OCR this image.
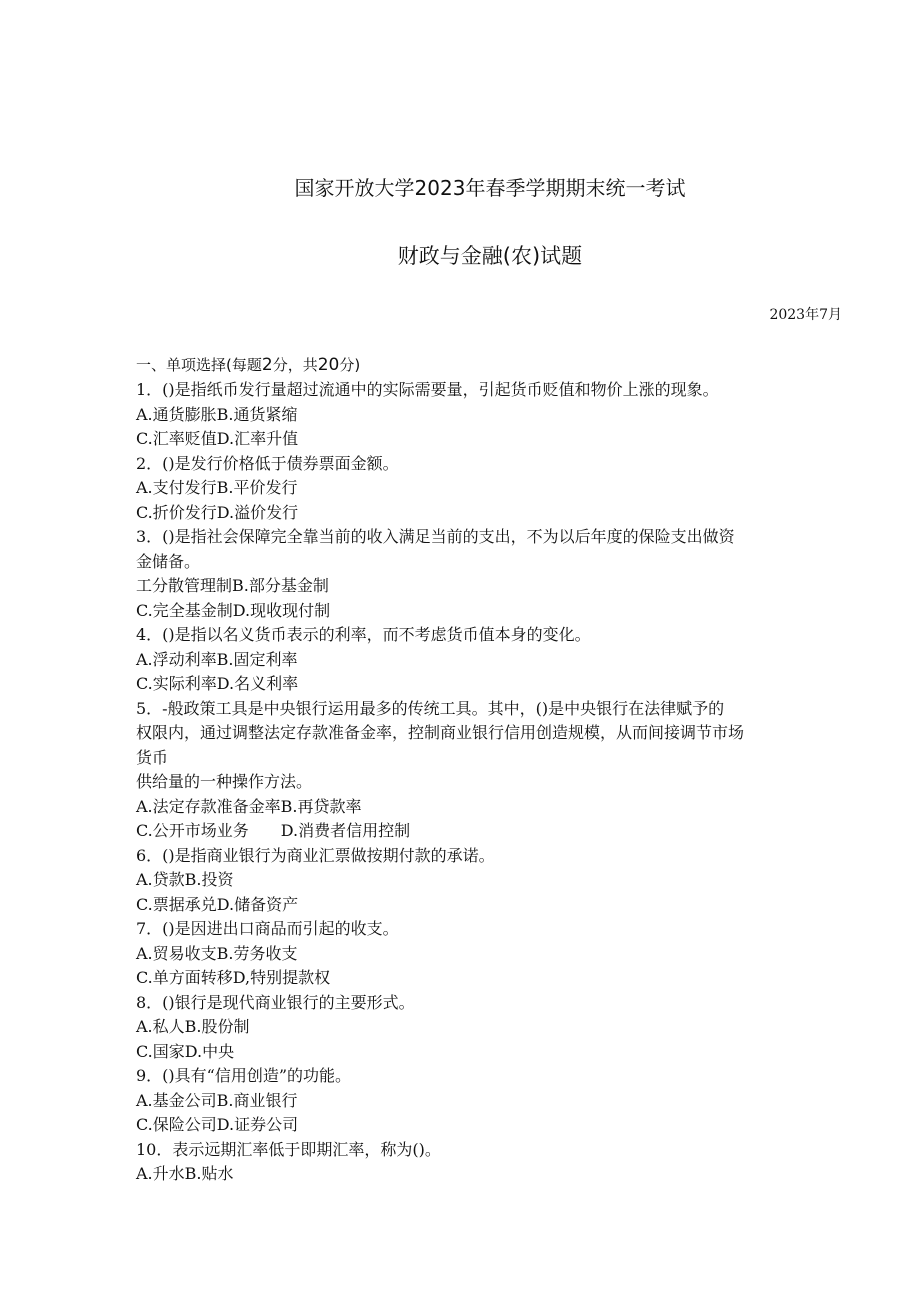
国家开放大学2023年春季学期期末统一考试
财政与金融(农)试题
2023年7月
一、单项选择(每题2分，共20分)
1．()是指纸币发行量超过流通中的实际需要量，引起货币贬值和物价上涨的现象。
A.通货膨胀B.通货紧缩
C.汇率贬值D.汇率升值
2．()是发行价格低于债券票面金额。
A.支付发行B.平价发行
C.折价发行D.溢价发行
3．()是指社会保障完全靠当前的收入满足当前的支出，不为以后年度的保险支出做资
金储备。
工分散管理制B.部分基金制
C.完全基金制D.现收现付制
4．()是指以名义货币表示的利率，而不考虑货币值本身的变化。
A.浮动利率B.固定利率
C.实际利率D.名义利率
5．-般政策工具是中央银行运用最多的传统工具。其中，()是中央银行在法律赋予的
权限内，通过调整法定存款准备金率，控制商业银行信用创造规模，从而间接调节市场
货币
供给量的一种操作方法。
A.法定存款准备金率B.再贷款率
C.公开市场业务 D.消费者信用控制
6．()是指商业银行为商业汇票做按期付款的承诺。
A.贷款B.投资
C.票据承兑D.储备资产
7．()是因进出口商品而引起的收支。
A.贸易收支B.劳务收支
C.单方面转移D,特别提款权
8．()银行是现代商业银行的主要形式。
A.私人B.股份制
C.国家D.中央
9．()具有“信用创造”的功能。
A.基金公司B.商业银行
C.保险公司D.证券公司
10．表示远期汇率低于即期汇率，称为()。
A.升水B.贴水
